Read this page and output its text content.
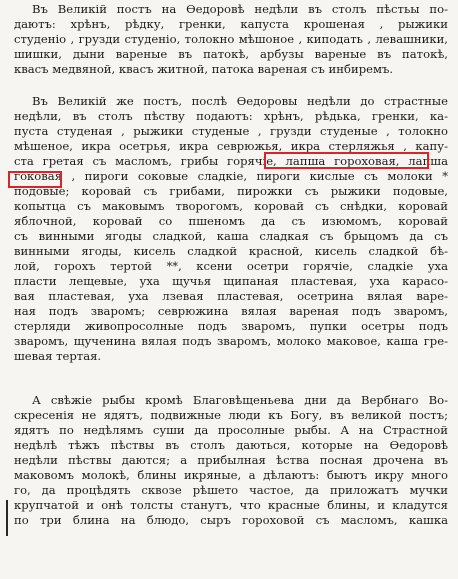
Въ Великій постъ на Ѳедоровѣ недѣли въ столъ пѣстьы по-
даютъ: хрѣнъ, рѣдку, гренки, капуста крошеная , рыжики
студеніо , грузди студеніо, толокно мѣшоное , киподать , левашники,
шишки, дыни вареные въ патокѣ, арбузы вареные въ патокѣ,
квасъ медвяной, квасъ житной, патока вареная съ инбиремъ.
Въ Великій же постъ, послѣ Ѳедоровы недѣли до страстные
недѣли, въ столъ пѣству подаютъ: хрѣнъ, рѣдька, гренки, ка-
пуста студеная , рыжики студеные , грузди студеные , толокно
мѣшеное, икра осетрья, икра севрюжья, икра стерляжья , капу-
ста гретая съ масломъ, грибы горячіе, лапша гороховая, лапша
гоковая , пироги соковые сладкіе, пироги кислые съ молоки *
подовые; коровай съ грибами, пирожки съ рыжики подовые,
копытца съ маковымъ творогомъ, коровай съ снѣдки, коровай
яблочной, коровай со пшеномъ да съ изюмомъ, коровай
съ винными ягоды сладкой, каша сладкая съ брыцомъ да съ
винными ягоды, кисель сладкой красной, кисель сладкой бѣ-
лой, горохъ тертой **, ксени осетри горячіе, сладкіе уха
пласти лещевые, уха щучья щипаная пластевая, уха карасо-
вая пластевая, уха лзевая пластевая, осетрина вялая варе-
ная подъ зваромъ; севрюжина вялая вареная подъ зваромъ,
стерляди живопросолные подъ зваромъ, пупки осетры подъ
зваромъ, щученина вялая подъ зваромъ, молоко маковое, каша гре-
шевая тертая.
А свѣжіе рыбы кромѣ Благовѣщеньева дни да Вербнаго Во-
скресенія не ядятъ, подвижные люди къ Богу, въ великой постъ;
ядятъ по недѣлямъ суши да просолные рыбы. А на Страстной
недѣлѣ тѣжъ пѣствы въ столъ даються, которые на Ѳедоровѣ
недѣли пѣствы даются; а прибылная ѣства посная дрочена въ
маковомъ молокѣ, блины икряные, а дѣлаютъ: быютъ икру много
го, да процѣдять сквозе рѣшето частое, да приложатъ мучки
крупчатой и онѣ толсты станутъ, что красные блины, и кладутся
по три блина на блюдо, сыръ гороховой съ масломъ, кашка
